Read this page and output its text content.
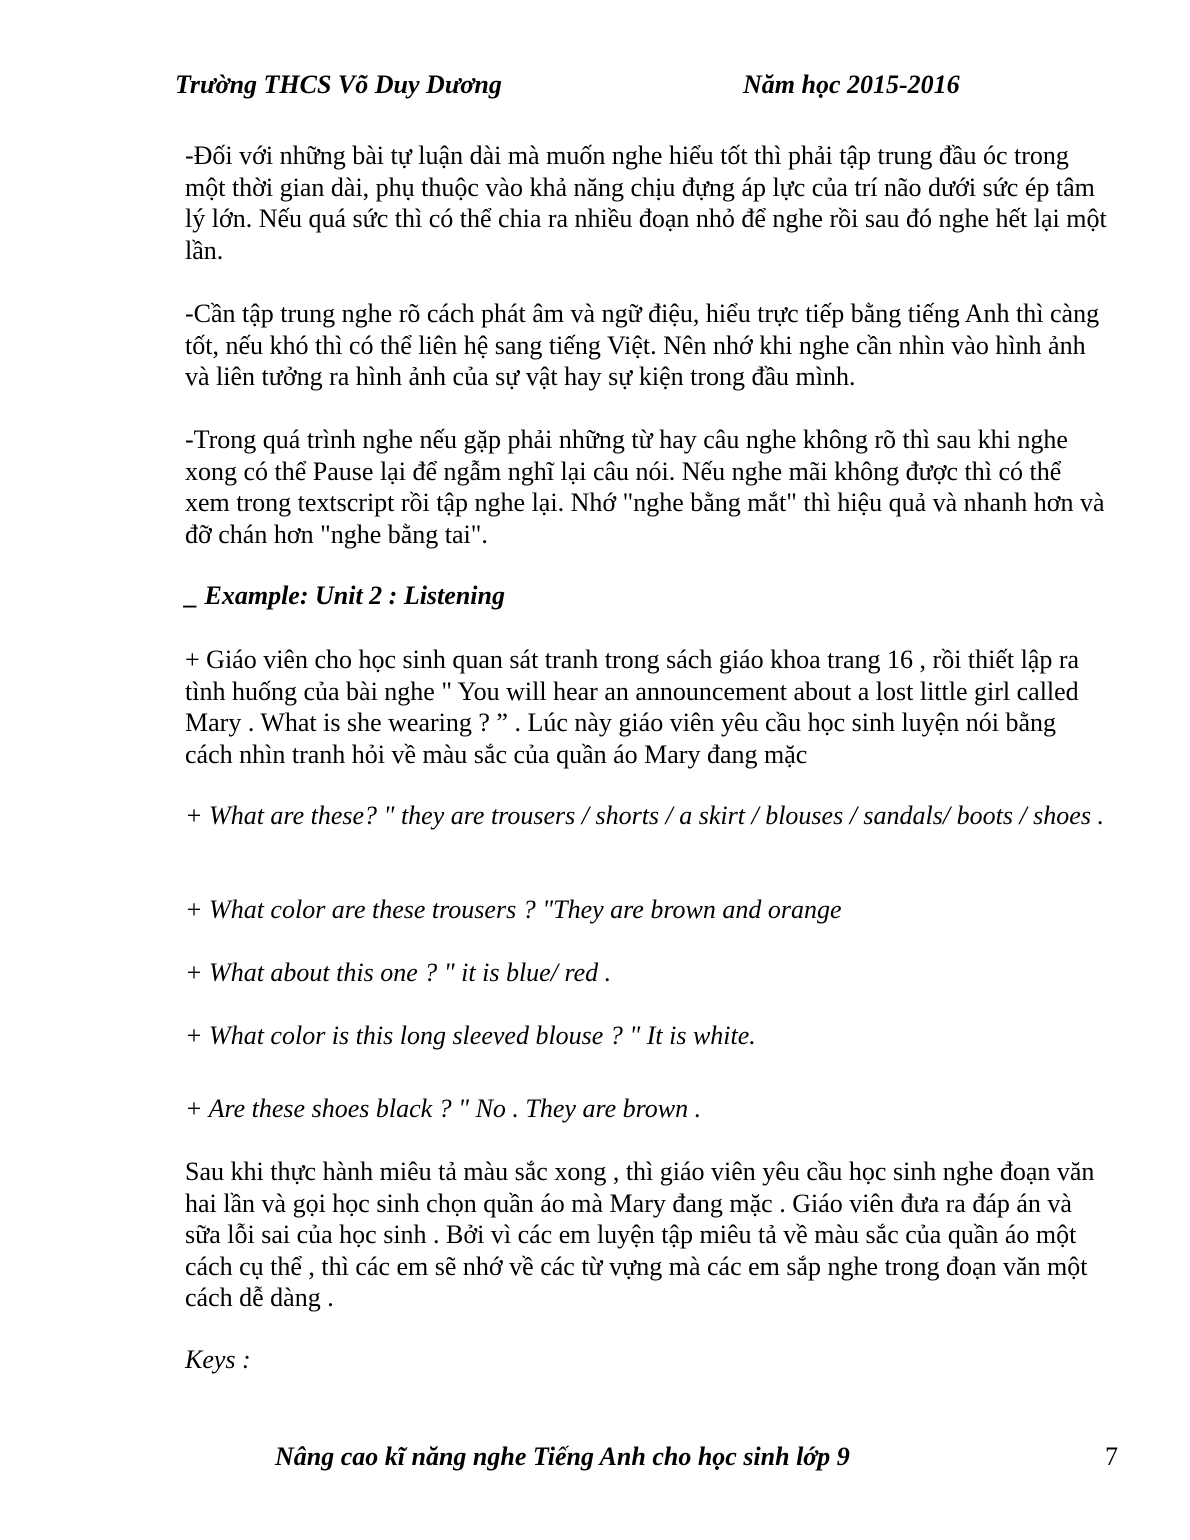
Trường THCS Võ Duy Dương	Năm học 2015-2016

-Đối với những bài tự luận dài mà muốn nghe hiểu tốt thì phải tập trung đầu óc trong một thời gian dài, phụ thuộc vào khả năng chịu đựng áp lực của trí não dưới sức ép tâm lý lớn. Nếu quá sức thì có thể chia ra nhiều đoạn nhỏ để nghe rồi sau đó nghe hết lại một lần.

-Cần tập trung nghe rõ cách phát âm và ngữ điệu, hiểu trực tiếp bằng tiếng Anh thì càng tốt, nếu khó thì có thể liên hệ sang tiếng Việt. Nên nhớ khi nghe cần nhìn vào hình ảnh và liên tưởng ra hình ảnh của sự vật hay sự kiện trong đầu mình.

-Trong quá trình nghe nếu gặp phải những từ hay câu nghe không rõ thì sau khi nghe xong có thể Pause lại để ngẫm nghĩ lại câu nói. Nếu nghe mãi không được thì có thể xem trong textscript rồi tập nghe lại. Nhớ "nghe bằng mắt" thì hiệu quả và nhanh hơn và đỡ chán hơn "nghe bằng tai".

_ Example: Unit 2 : Listening

+ Giáo viên cho học sinh quan sát tranh trong sách giáo khoa trang 16 , rồi thiết lập ra tình huống của bài nghe " You will hear an announcement about a lost little girl called Mary . What is she wearing ? ” . Lúc này giáo viên yêu cầu học sinh luyện nói bằng cách nhìn tranh hỏi về màu sắc của quần áo Mary đang mặc

+ What are these? " they are trousers / shorts / a skirt / blouses / sandals/ boots / shoes .

+ What color are these trousers ? "They are brown and orange

+ What about this one ? " it is blue/ red .

+ What color is this long sleeved blouse ? " It is white.

+ Are these shoes black ? " No . They are brown .

Sau khi thực hành miêu tả màu sắc xong , thì giáo viên yêu cầu học sinh nghe đoạn văn hai lần và gọi học sinh chọn quần áo mà Mary đang mặc . Giáo viên đưa ra đáp án và sữa lỗi sai của học sinh . Bởi vì các em luyện tập miêu tả về màu sắc của quần áo một cách cụ thể , thì các em sẽ nhớ về các từ vựng mà các em sắp nghe trong đoạn văn một cách dễ dàng .

Keys :

Nâng cao kĩ năng nghe Tiếng Anh cho học sinh lớp 9	7
